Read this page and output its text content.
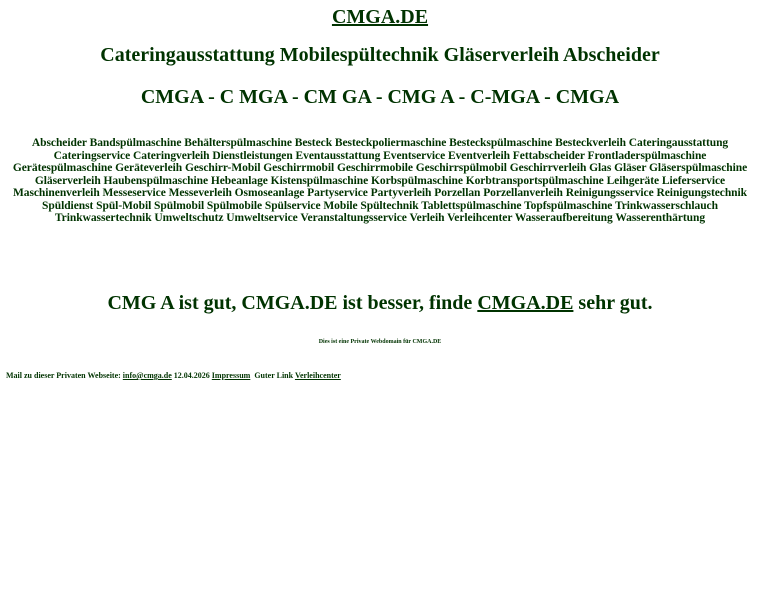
CMGA.DE
Cateringausstattung Mobilespültechnik Gläserverleih Abscheider
CMGA - C MGA - CM GA - CMG A - C-MGA - CMGA
Abscheider Bandspülmaschine Behälterspülmaschine Besteck Besteckpoliermaschine Besteckspülmaschine Besteckverleih Cateringausstattung Cateringservice Cateringverleih Dienstleistungen Eventausstattung Eventservice Eventverleih Fettabscheider Frontladerspülmaschine Gerätespülmaschine Geräteverleih Geschirr-Mobil Geschirrmobil Geschirrmobile Geschirrspülmobil Geschirrverleih Glas Gläser Gläserspülmaschine Gläserverleih Haubenspülmaschine Hebeanlage Kistenspülmaschine Korbspülmaschine Korbtransportspülmaschine Leihgeräte Lieferservice Maschinenverleih Messeservice Messeverleih Osmoseanlage Partyservice Partyverleih Porzellan Porzellanverleih Reinigungsservice Reinigungstechnik Spüldienst Spül-Mobil Spülmobil Spülmobile Spülservice Mobile Spültechnik Tablettspülmaschine Topfspülmaschine Trinkwasserschlauch Trinkwassertechnik Umweltschutz Umweltservice Veranstaltungsservice Verleih Verleihcenter Wasseraufbereitung Wasserenthärtung
CMG A ist gut, CMGA.DE ist besser, finde CMGA.DE sehr gut.
Dies ist eine Private Webdomain für CMGA.DE
Mail zu dieser Privaten Webseite: info@cmga.de 12.04.2026 Impressum  Guter Link Verleihcenter
